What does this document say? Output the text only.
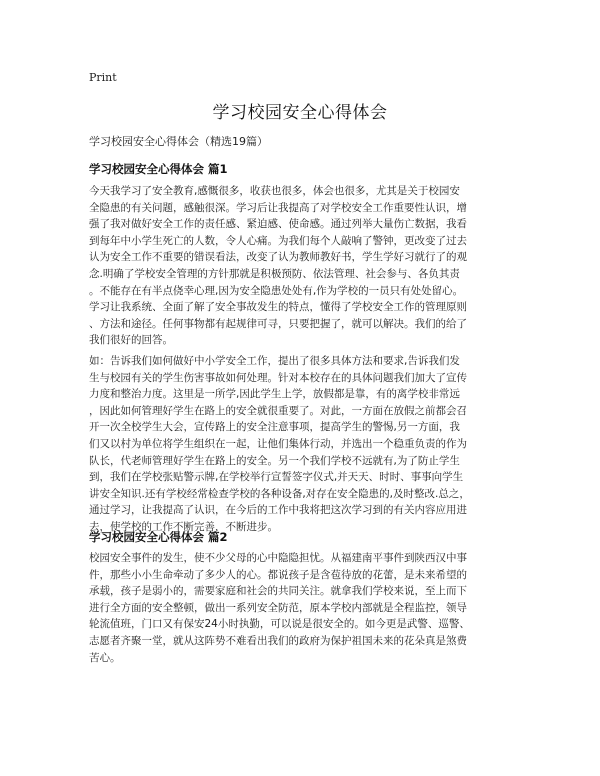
Print
学习校园安全心得体会
学习校园安全心得体会（精选19篇）
学习校园安全心得体会 篇1
今天我学习了安全教育,感慨很多，收获也很多，体会也很多，尤其是关于校园安
全隐患的有关问题，感触很深。学习后让我提高了对学校安全工作重要性认识，增
强了我对做好安全工作的责任感、紧迫感、使命感。通过列举大量伤亡数据，我看
到每年中小学生死亡的人数，令人心痛。为我们每个人敲响了警钟，更改变了过去
认为安全工作不重要的错误看法，改变了认为教师教好书，学生学好习就行了的观
念.明确了学校安全管理的方针那就是积极预防、依法管理、社会参与、各负其责
。不能存在有半点侥幸心理,因为安全隐患处处有,作为学校的一员只有处处留心。
学习让我系统、全面了解了安全事故发生的特点，懂得了学校安全工作的管理原则
、方法和途径。任何事物都有起规律可寻，只要把握了，就可以解决。我们的给了
我们很好的回答。
如：告诉我们如何做好中小学安全工作，提出了很多具体方法和要求,告诉我们发
生与校园有关的学生伤害事故如何处理。针对本校存在的具体问题我们加大了宣传
力度和整治力度。这里是一所学,因此学生上学，放假都是靠，有的离学校非常远
，因此如何管理好学生在路上的安全就很重要了。对此，一方面在放假之前都会召
开一次全校学生大会，宣传路上的安全注意事项，提高学生的警惕,另一方面，我
们又以村为单位将学生组织在一起，让他们集体行动，并选出一个稳重负责的作为
队长，代老师管理好学生在路上的安全。另一个我们学校不远就有,为了防止学生
到，我们在学校张贴警示牌,在学校举行宣誓签字仪式,并天天、时时、事事向学生
讲安全知识.还有学校经常检查学校的各种设备,对存在安全隐患的,及时整改.总之，
通过学习，让我提高了认识，在今后的工作中我将把这次学习到的有关内容应用进
去，使学校的工作不断完善，不断进步。
学习校园安全心得体会 篇2
校园安全事件的发生，使不少父母的心中隐隐担忧。从福建南平事件到陕西汉中事
件，那些小小生命牵动了多少人的心。都说孩子是含苞待放的花蕾，是未来希望的
承载，孩子是弱小的，需要家庭和社会的共同关注。就拿我们学校来说，至上而下
进行全方面的安全整顿，做出一系列安全防范，原本学校内部就是全程监控，领导
轮流值班，门口又有保安24小时执勤，可以说是很安全的。如今更是武警、巡警、
志愿者齐聚一堂，就从这阵势不难看出我们的政府为保护祖国未来的花朵真是煞费
苦心。
